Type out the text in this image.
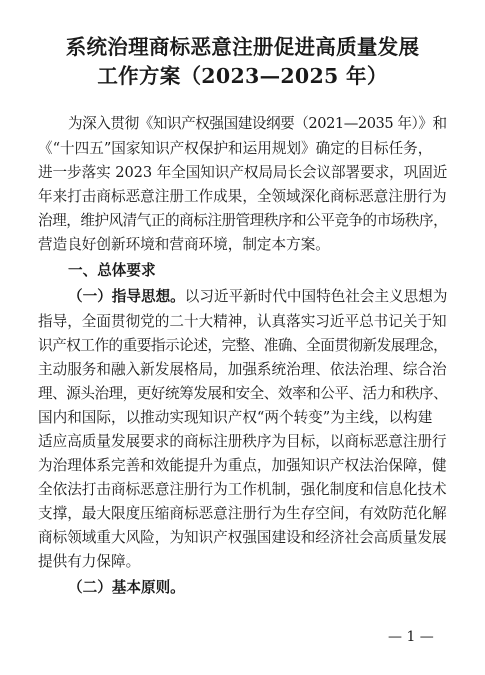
系统治理商标恶意注册促进高质量发展
工作方案（2023—2025 年）

为深入贯彻《知识产权强国建设纲要（2021—2035 年）》和

《“十四五”国家知识产权保护和运用规划》确定的目标任务，

进一步落实 2023 年全国知识产权局局长会议部署要求，巩固近

年来打击商标恶意注册工作成果，全领域深化商标恶意注册行为

治理，维护风清气正的商标注册管理秩序和公平竞争的市场秩序，

营造良好创新环境和营商环境，制定本方案。

一、总体要求

（一）指导思想。以习近平新时代中国特色社会主义思想为

指导，全面贯彻党的二十大精神，认真落实习近平总书记关于知

识产权工作的重要指示论述，完整、准确、全面贯彻新发展理念，

主动服务和融入新发展格局，加强系统治理、依法治理、综合治

理、源头治理，更好统筹发展和安全、效率和公平、活力和秩序、

国内和国际，以推动实现知识产权“两个转变”为主线，以构建

适应高质量发展要求的商标注册秩序为目标，以商标恶意注册行

为治理体系完善和效能提升为重点，加强知识产权法治保障，健

全依法打击商标恶意注册行为工作机制，强化制度和信息化技术

支撑，最大限度压缩商标恶意注册行为生存空间，有效防范化解

商标领域重大风险，为知识产权强国建设和经济社会高质量发展

提供有力保障。

（二）基本原则。

— 1 —
